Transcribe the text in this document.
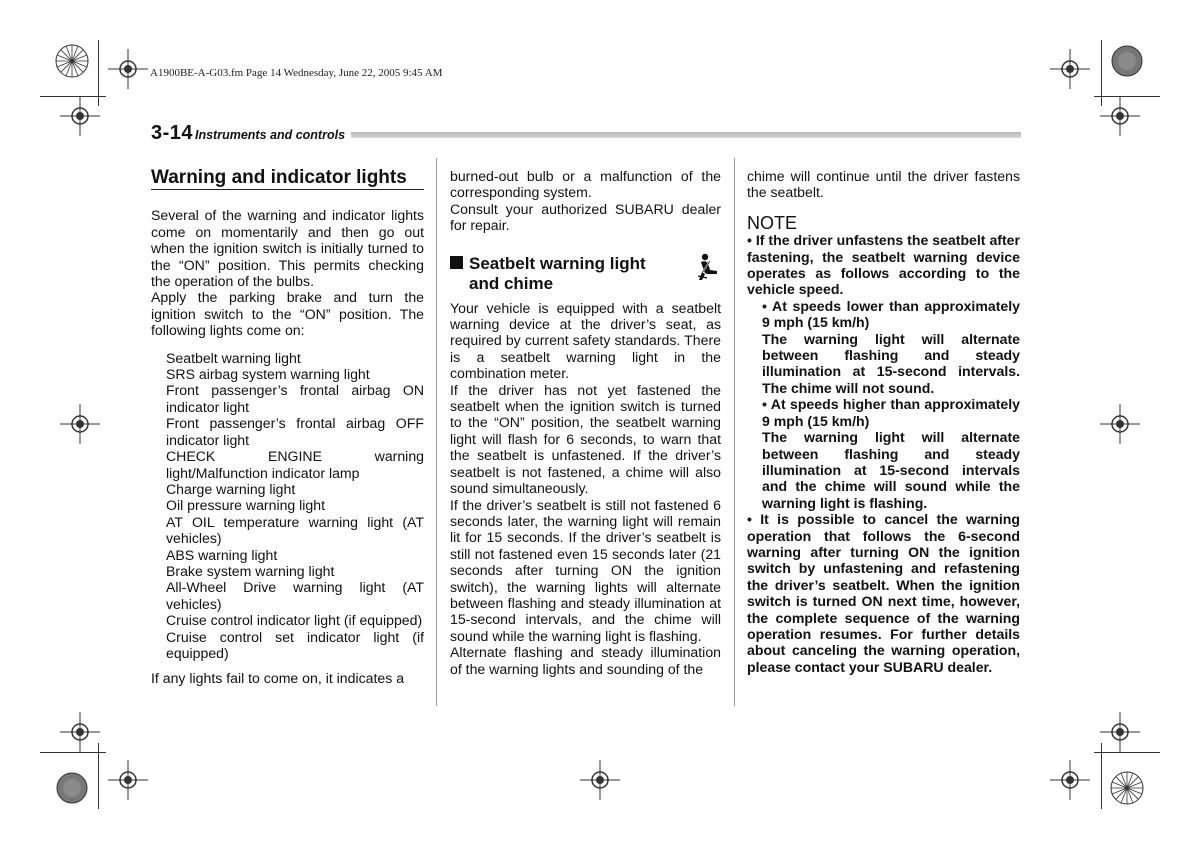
A1900BE-A-G03.fm Page 14 Wednesday, June 22, 2005 9:45 AM
3-14 Instruments and controls
Warning and indicator lights

Several of the warning and indicator lights come on momentarily and then go out when the ignition switch is initially turned to the “ON” position. This permits checking the operation of the bulbs.

Apply the parking brake and turn the ignition switch to the “ON” position. The following lights come on:

Seatbelt warning light
SRS airbag system warning light
Front passenger’s frontal airbag ON indicator light
Front passenger’s frontal airbag OFF indicator light
CHECK ENGINE warning light/Malfunction indicator lamp
Charge warning light
Oil pressure warning light
AT OIL temperature warning light (AT vehicles)
ABS warning light
Brake system warning light
All-Wheel Drive warning light (AT vehicles)
Cruise control indicator light (if equipped)
Cruise control set indicator light (if equipped)

If any lights fail to come on, it indicates a

burned-out bulb or a malfunction of the corresponding system.

Consult your authorized SUBARU dealer for repair.

Seatbelt warning light
and chime

Your vehicle is equipped with a seatbelt warning device at the driver’s seat, as required by current safety standards. There is a seatbelt warning light in the combination meter.

If the driver has not yet fastened the seatbelt when the ignition switch is turned to the “ON” position, the seatbelt warning light will flash for 6 seconds, to warn that the seatbelt is unfastened. If the driver’s seatbelt is not fastened, a chime will also sound simultaneously.

If the driver’s seatbelt is still not fastened 6 seconds later, the warning light will remain lit for 15 seconds. If the driver’s seatbelt is still not fastened even 15 seconds later (21 seconds after turning ON the ignition switch), the warning lights will alternate between flashing and steady illumination at 15-second intervals, and the chime will sound while the warning light is flashing.

Alternate flashing and steady illumination of the warning lights and sounding of the

chime will continue until the driver fastens the seatbelt.

NOTE
• If the driver unfastens the seatbelt after fastening, the seatbelt warning device operates as follows according to the vehicle speed.
• At speeds lower than approximately 9 mph (15 km/h)
The warning light will alternate between flashing and steady illumination at 15-second intervals. The chime will not sound.
• At speeds higher than approximately 9 mph (15 km/h)
The warning light will alternate between flashing and steady illumination at 15-second intervals and the chime will sound while the warning light is flashing.
• It is possible to cancel the warning operation that follows the 6-second warning after turning ON the ignition switch by unfastening and refastening the driver’s seatbelt. When the ignition switch is turned ON next time, however, the complete sequence of the warning operation resumes. For further details about canceling the warning operation, please contact your SUBARU dealer.
